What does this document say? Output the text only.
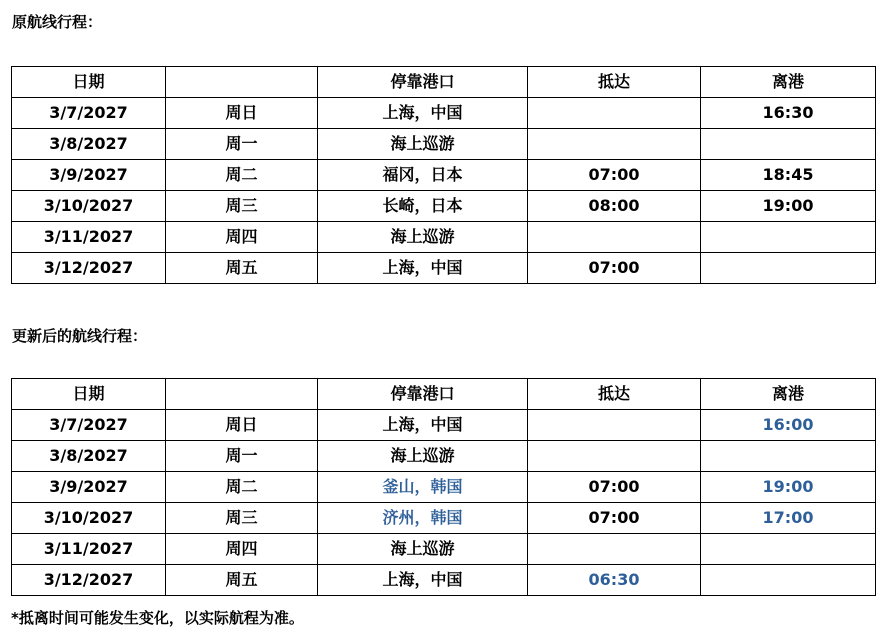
原航线行程：
日期		停靠港口	抵达	离港
3/7/2027	周日	上海，中国		16:30
3/8/2027	周一	海上巡游		
3/9/2027	周二	福冈，日本	07:00	18:45
3/10/2027	周三	长崎，日本	08:00	19:00
3/11/2027	周四	海上巡游		
3/12/2027	周五	上海，中国	07:00	
更新后的航线行程：
日期		停靠港口	抵达	离港
3/7/2027	周日	上海，中国		16:00
3/8/2027	周一	海上巡游		
3/9/2027	周二	釜山，韩国	07:00	19:00
3/10/2027	周三	济州，韩国	07:00	17:00
3/11/2027	周四	海上巡游		
3/12/2027	周五	上海，中国	06:30	
*抵离时间可能发生变化，以实际航程为准。
